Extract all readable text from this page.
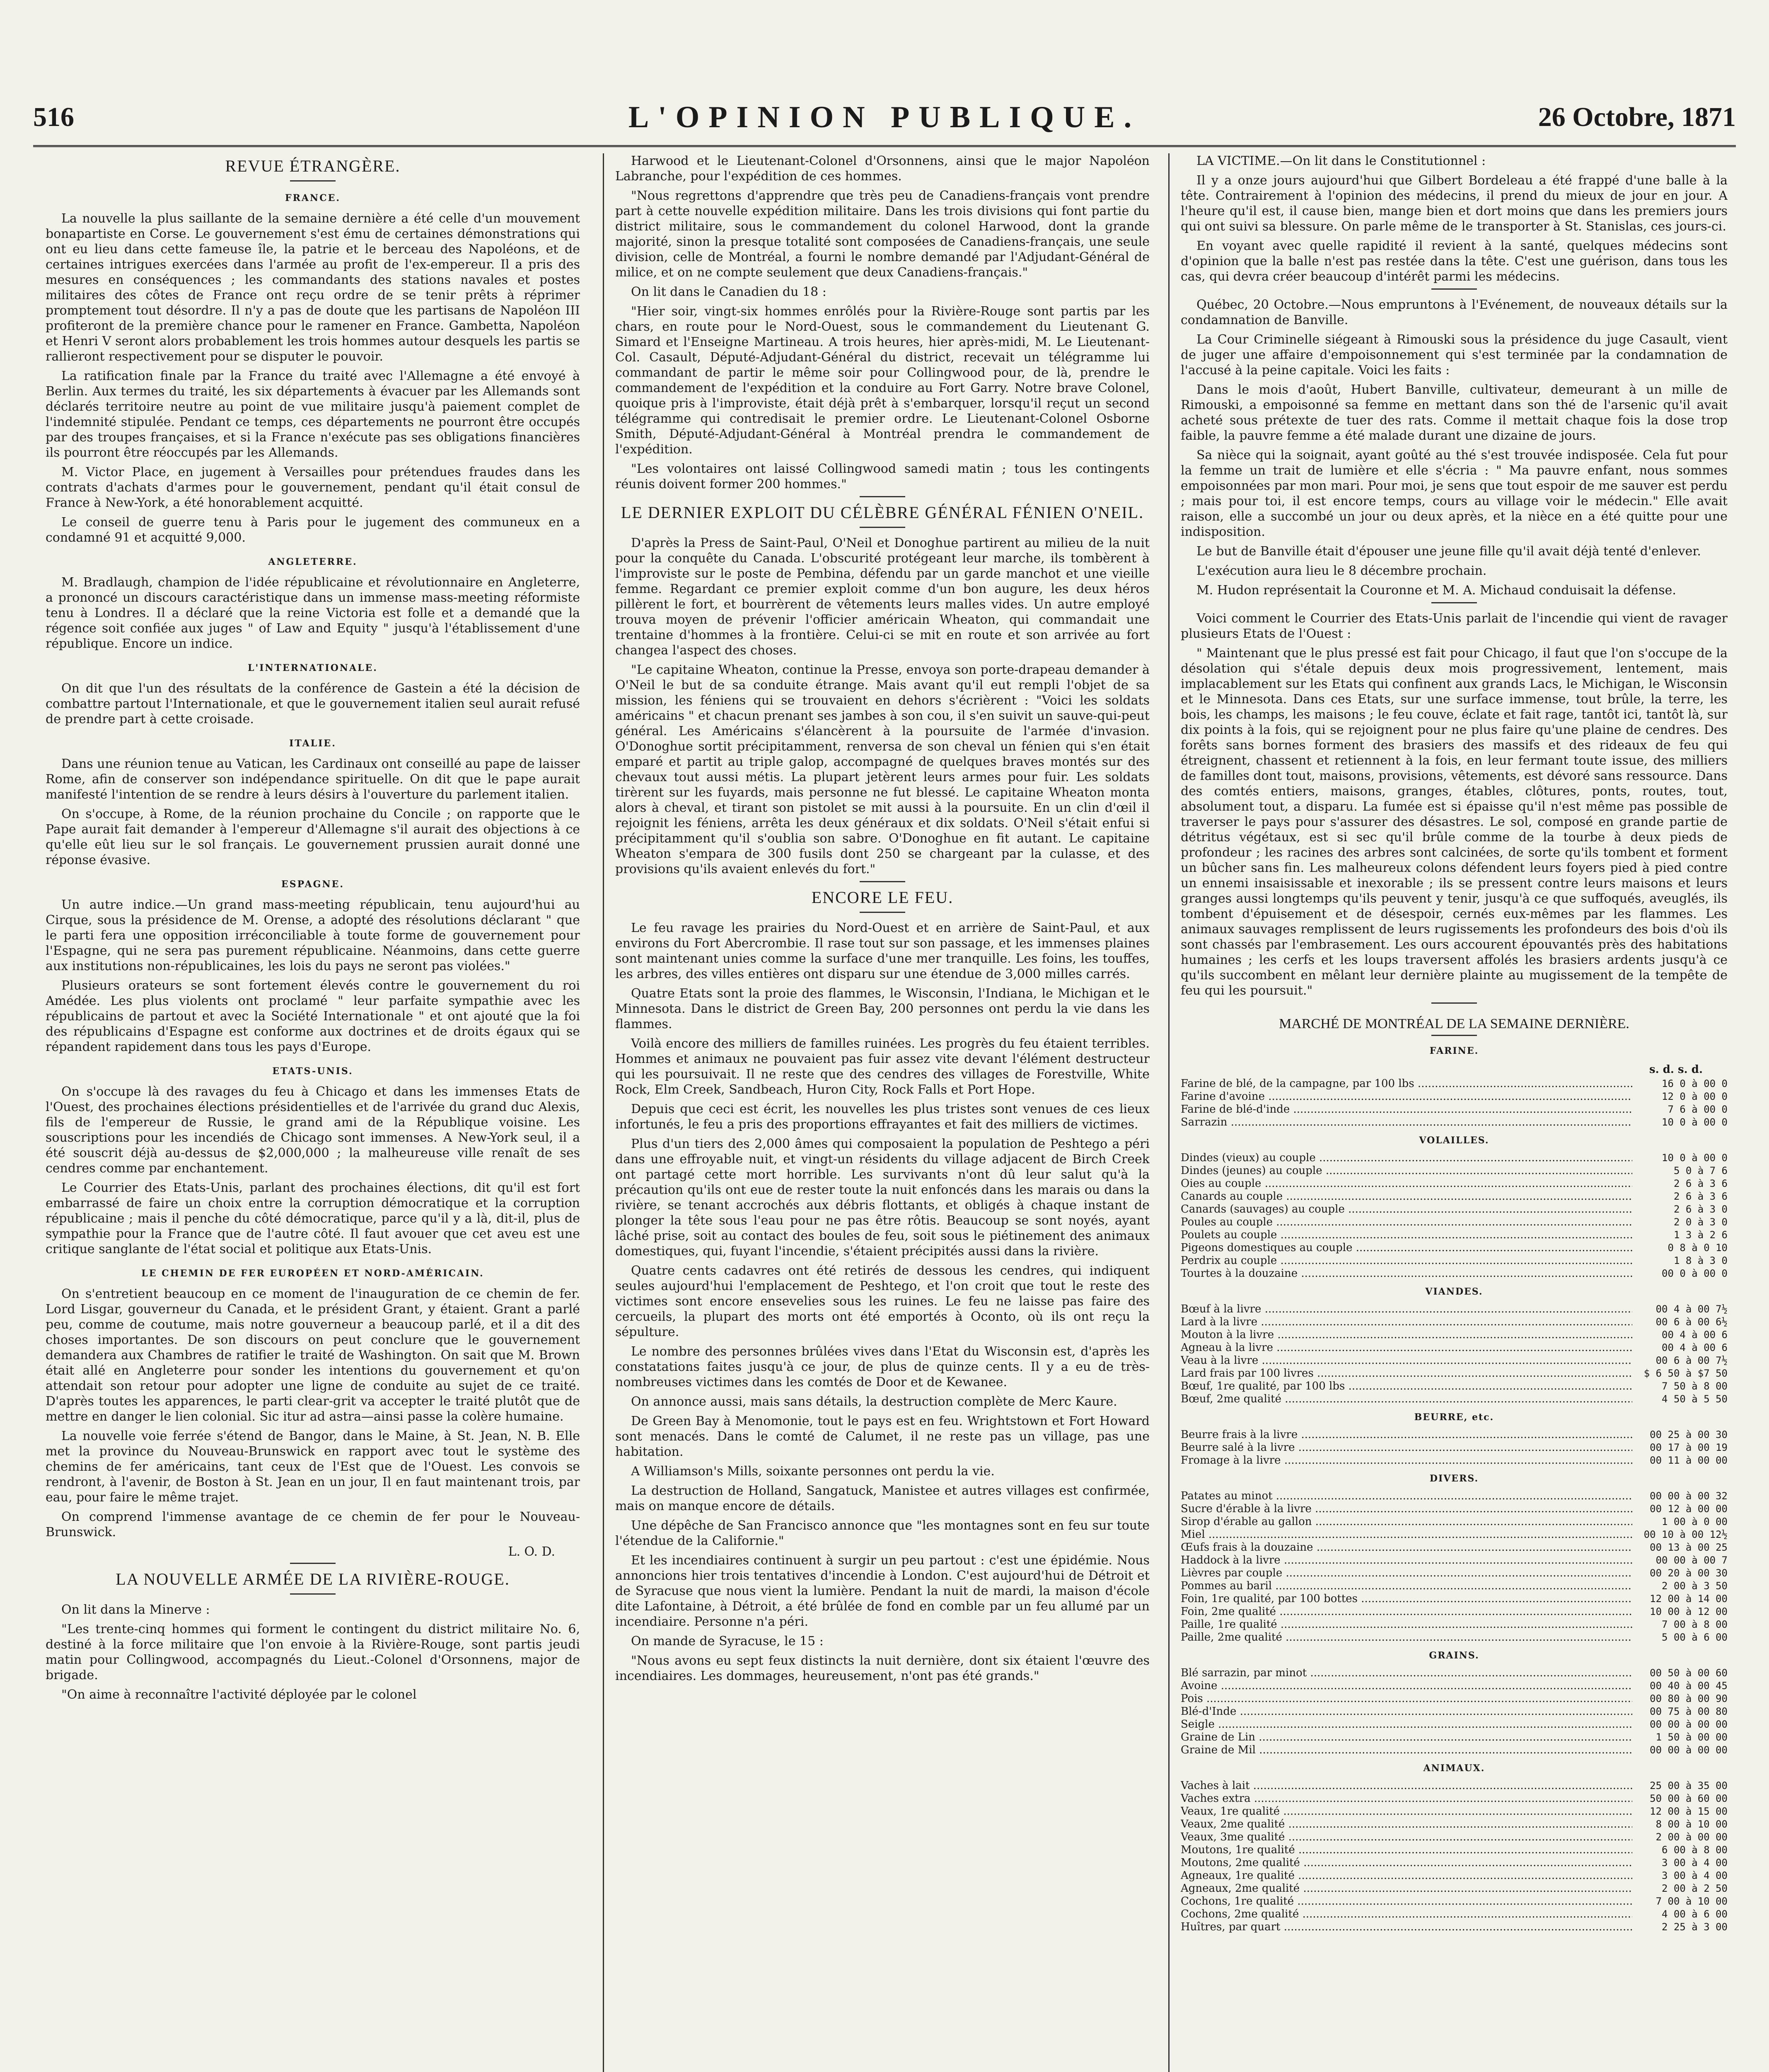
516	L'OPINION PUBLIQUE.	26 Octobre, 1871
REVUE ÉTRANGÈRE.
FRANCE.

La nouvelle la plus saillante de la semaine dernière a été celle d'un mouvement bonapartiste en Corse. Le gouvernement s'est ému de certaines démonstrations qui ont eu lieu dans cette fameuse île, la patrie et le berceau des Napoléons, et de certaines intrigues exercées dans l'armée au profit de l'ex-empereur. Il a pris des mesures en conséquences ; les commandants des stations navales et postes militaires des côtes de France ont reçu ordre de se tenir prêts à réprimer promptement tout désordre. Il n'y a pas de doute que les partisans de Napoléon III profiteront de la première chance pour le ramener en France. Gambetta, Napoléon et Henri V seront alors probablement les trois hommes autour desquels les partis se rallieront respectivement pour se disputer le pouvoir.

La ratification finale par la France du traité avec l'Allemagne a été envoyé à Berlin. Aux termes du traité, les six départements à évacuer par les Allemands sont déclarés territoire neutre au point de vue militaire jusqu'à paiement complet de l'indemnité stipulée. Pendant ce temps, ces départements ne pourront être occupés par des troupes françaises, et si la France n'exécute pas ses obligations financières ils pourront être réoccupés par les Allemands.

M. Victor Place, en jugement à Versailles pour prétendues fraudes dans les contrats d'achats d'armes pour le gouvernement, pendant qu'il était consul de France à New-York, a été honorablement acquitté.

Le conseil de guerre tenu à Paris pour le jugement des communeux en a condamné 91 et acquitté 9,000.

ANGLETERRE.

M. Bradlaugh, champion de l'idée républicaine et révolutionnaire en Angleterre, a prononcé un discours caractéristique dans un immense mass-meeting réformiste tenu à Londres. Il a déclaré que la reine Victoria est folle et a demandé que la régence soit confiée aux juges " of Law and Equity " jusqu'à l'établissement d'une république. Encore un indice.

L'INTERNATIONALE.

On dit que l'un des résultats de la conférence de Gastein a été la décision de combattre partout l'Internationale, et que le gouvernement italien seul aurait refusé de prendre part à cette croisade.

ITALIE.

Dans une réunion tenue au Vatican, les Cardinaux ont conseillé au pape de laisser Rome, afin de conserver son indépendance spirituelle. On dit que le pape aurait manifesté l'intention de se rendre à leurs désirs à l'ouverture du parlement italien.

On s'occupe, à Rome, de la réunion prochaine du Concile ; on rapporte que le Pape aurait fait demander à l'empereur d'Allemagne s'il aurait des objections à ce qu'elle eût lieu sur le sol français. Le gouvernement prussien aurait donné une réponse évasive.

ESPAGNE.

Un autre indice.—Un grand mass-meeting républicain, tenu aujourd'hui au Cirque, sous la présidence de M. Orense, a adopté des résolutions déclarant " que le parti fera une opposition irréconciliable à toute forme de gouvernement pour l'Espagne, qui ne sera pas purement républicaine. Néanmoins, dans cette guerre aux institutions non-républicaines, les lois du pays ne seront pas violées."

Plusieurs orateurs se sont fortement élevés contre le gouvernement du roi Amédée. Les plus violents ont proclamé " leur parfaite sympathie avec les républicains de partout et avec la Société Internationale " et ont ajouté que la foi des républicains d'Espagne est conforme aux doctrines et de droits égaux qui se répandent rapidement dans tous les pays d'Europe.

ETATS-UNIS.

On s'occupe là des ravages du feu à Chicago et dans les immenses Etats de l'Ouest, des prochaines élections présidentielles et de l'arrivée du grand duc Alexis, fils de l'empereur de Russie, le grand ami de la République voisine. Les souscriptions pour les incendiés de Chicago sont immenses. A New-York seul, il a été souscrit déjà au-dessus de $2,000,000 ; la malheureuse ville renaît de ses cendres comme par enchantement.

Le Courrier des Etats-Unis, parlant des prochaines élections, dit qu'il est fort embarrassé de faire un choix entre la corruption démocratique et la corruption républicaine ; mais il penche du côté démocratique, parce qu'il y a là, dit-il, plus de sympathie pour la France que de l'autre côté. Il faut avouer que cet aveu est une critique sanglante de l'état social et politique aux Etats-Unis.

LE CHEMIN DE FER EUROPÉEN ET NORD-AMÉRICAIN.

On s'entretient beaucoup en ce moment de l'inauguration de ce chemin de fer. Lord Lisgar, gouverneur du Canada, et le président Grant, y étaient. Grant a parlé peu, comme de coutume, mais notre gouverneur a beaucoup parlé, et il a dit des choses importantes. De son discours on peut conclure que le gouvernement demandera aux Chambres de ratifier le traité de Washington. On sait que M. Brown était allé en Angleterre pour sonder les intentions du gouvernement et qu'on attendait son retour pour adopter une ligne de conduite au sujet de ce traité. D'après toutes les apparences, le parti clear-grit va accepter le traité plutôt que de mettre en danger le lien colonial. Sic itur ad astra—ainsi passe la colère humaine.

La nouvelle voie ferrée s'étend de Bangor, dans le Maine, à St. Jean, N. B. Elle met la province du Nouveau-Brunswick en rapport avec tout le système des chemins de fer américains, tant ceux de l'Est que de l'Ouest. Les convois se rendront, à l'avenir, de Boston à St. Jean en un jour, Il en faut maintenant trois, par eau, pour faire le même trajet.

On comprend l'immense avantage de ce chemin de fer pour le Nouveau-Brunswick.

L. O. D.
LA NOUVELLE ARMÉE DE LA RIVIÈRE-ROUGE.

On lit dans la Minerve :

"Les trente-cinq hommes qui forment le contingent du district militaire No. 6, destiné à la force militaire que l'on envoie à la Rivière-Rouge, sont partis jeudi matin pour Collingwood, accompagnés du Lieut.-Colonel d'Orsonnens, major de brigade.

"On aime à reconnaître l'activité déployée par le colonel

Harwood et le Lieutenant-Colonel d'Orsonnens, ainsi que le major Napoléon Labranche, pour l'expédition de ces hommes.

"Nous regrettons d'apprendre que très peu de Canadiens-français vont prendre part à cette nouvelle expédition militaire. Dans les trois divisions qui font partie du district militaire, sous le commandement du colonel Harwood, dont la grande majorité, sinon la presque totalité sont composées de Canadiens-français, une seule division, celle de Montréal, a fourni le nombre demandé par l'Adjudant-Général de milice, et on ne compte seulement que deux Canadiens-français."

On lit dans le Canadien du 18 :

"Hier soir, vingt-six hommes enrôlés pour la Rivière-Rouge sont partis par les chars, en route pour le Nord-Ouest, sous le commandement du Lieutenant G. Simard et l'Enseigne Martineau. A trois heures, hier après-midi, M. Le Lieutenant-Col. Casault, Député-Adjudant-Général du district, recevait un télégramme lui commandant de partir le même soir pour Collingwood pour, de là, prendre le commandement de l'expédition et la conduire au Fort Garry. Notre brave Colonel, quoique pris à l'improviste, était déjà prêt à s'embarquer, lorsqu'il reçut un second télégramme qui contredisait le premier ordre. Le Lieutenant-Colonel Osborne Smith, Député-Adjudant-Général à Montréal prendra le commandement de l'expédition.

"Les volontaires ont laissé Collingwood samedi matin ; tous les contingents réunis doivent former 200 hommes."

LE DERNIER EXPLOIT DU CÉLÈBRE GÉNÉRAL FÉNIEN O'NEIL.

D'après la Press de Saint-Paul, O'Neil et Donoghue partirent au milieu de la nuit pour la conquête du Canada. L'obscurité protégeant leur marche, ils tombèrent à l'improviste sur le poste de Pembina, défendu par un garde manchot et une vieille femme. Regardant ce premier exploit comme d'un bon augure, les deux héros pillèrent le fort, et bourrèrent de vêtements leurs malles vides. Un autre employé trouva moyen de prévenir l'officier américain Wheaton, qui commandait une trentaine d'hommes à la frontière. Celui-ci se mit en route et son arrivée au fort changea l'aspect des choses.

"Le capitaine Wheaton, continue la Presse, envoya son porte-drapeau demander à O'Neil le but de sa conduite étrange. Mais avant qu'il eut rempli l'objet de sa mission, les féniens qui se trouvaient en dehors s'écrièrent : "Voici les soldats américains " et chacun prenant ses jambes à son cou, il s'en suivit un sauve-qui-peut général. Les Américains s'élancèrent à la poursuite de l'armée d'invasion. O'Donoghue sortit précipitamment, renversa de son cheval un fénien qui s'en était emparé et partit au triple galop, accompagné de quelques braves montés sur des chevaux tout aussi métis. La plupart jetèrent leurs armes pour fuir. Les soldats tirèrent sur les fuyards, mais personne ne fut blessé. Le capitaine Wheaton monta alors à cheval, et tirant son pistolet se mit aussi à la poursuite. En un clin d'œil il rejoignit les féniens, arrêta les deux généraux et dix soldats. O'Neil s'était enfui si précipitamment qu'il s'oublia son sabre. O'Donoghue en fit autant. Le capitaine Wheaton s'empara de 300 fusils dont 250 se chargeant par la culasse, et des provisions qu'ils avaient enlevés du fort."

ENCORE LE FEU.

Le feu ravage les prairies du Nord-Ouest et en arrière de Saint-Paul, et aux environs du Fort Abercrombie. Il rase tout sur son passage, et les immenses plaines sont maintenant unies comme la surface d'une mer tranquille. Les foins, les touffes, les arbres, des villes entières ont disparu sur une étendue de 3,000 milles carrés.

Quatre Etats sont la proie des flammes, le Wisconsin, l'Indiana, le Michigan et le Minnesota. Dans le district de Green Bay, 200 personnes ont perdu la vie dans les flammes.

Voilà encore des milliers de familles ruinées. Les progrès du feu étaient terribles. Hommes et animaux ne pouvaient pas fuir assez vite devant l'élément destructeur qui les poursuivait. Il ne reste que des cendres des villages de Forestville, White Rock, Elm Creek, Sandbeach, Huron City, Rock Falls et Port Hope.

Depuis que ceci est écrit, les nouvelles les plus tristes sont venues de ces lieux infortunés, le feu a pris des proportions effrayantes et fait des milliers de victimes.

Plus d'un tiers des 2,000 âmes qui composaient la population de Peshtego a péri dans une effroyable nuit, et vingt-un résidents du village adjacent de Birch Creek ont partagé cette mort horrible. Les survivants n'ont dû leur salut qu'à la précaution qu'ils ont eue de rester toute la nuit enfoncés dans les marais ou dans la rivière, se tenant accrochés aux débris flottants, et obligés à chaque instant de plonger la tête sous l'eau pour ne pas être rôtis. Beaucoup se sont noyés, ayant lâché prise, soit au contact des boules de feu, soit sous le piétinement des animaux domestiques, qui, fuyant l'incendie, s'étaient précipités aussi dans la rivière.

Quatre cents cadavres ont été retirés de dessous les cendres, qui indiquent seules aujourd'hui l'emplacement de Peshtego, et l'on croit que tout le reste des victimes sont encore ensevelies sous les ruines. Le feu ne laisse pas faire des cercueils, la plupart des morts ont été emportés à Oconto, où ils ont reçu la sépulture.

Le nombre des personnes brûlées vives dans l'Etat du Wisconsin est, d'après les constatations faites jusqu'à ce jour, de plus de quinze cents. Il y a eu de très-nombreuses victimes dans les comtés de Door et de Kewanee.

On annonce aussi, mais sans détails, la destruction complète de Merc Kaure.

De Green Bay à Menomonie, tout le pays est en feu. Wrightstown et Fort Howard sont menacés. Dans le comté de Calumet, il ne reste pas un village, pas une habitation.

A Williamson's Mills, soixante personnes ont perdu la vie.

La destruction de Holland, Sangatuck, Manistee et autres villages est confirmée, mais on manque encore de détails.

Une dépêche de San Francisco annonce que "les montagnes sont en feu sur toute l'étendue de la Californie."

Et les incendiaires continuent à surgir un peu partout : c'est une épidémie. Nous annoncions hier trois tentatives d'incendie à London. C'est aujourd'hui de Détroit et de Syracuse que nous vient la lumière. Pendant la nuit de mardi, la maison d'école dite Lafontaine, à Détroit, a été brûlée de fond en comble par un feu allumé par un incendiaire. Personne n'a péri.

On mande de Syracuse, le 15 :

"Nous avons eu sept feux distincts la nuit dernière, dont six étaient l'œuvre des incendiaires. Les dommages, heureusement, n'ont pas été grands."

LA VICTIME.—On lit dans le Constitutionnel :

Il y a onze jours aujourd'hui que Gilbert Bordeleau a été frappé d'une balle à la tête. Contrairement à l'opinion des médecins, il prend du mieux de jour en jour. A l'heure qu'il est, il cause bien, mange bien et dort moins que dans les premiers jours qui ont suivi sa blessure. On parle même de le transporter à St. Stanislas, ces jours-ci.

En voyant avec quelle rapidité il revient à la santé, quelques médecins sont d'opinion que la balle n'est pas restée dans la tête. C'est une guérison, dans tous les cas, qui devra créer beaucoup d'intérêt parmi les médecins.

Québec, 20 Octobre.—Nous empruntons à l'Evénement, de nouveaux détails sur la condamnation de Banville.

La Cour Criminelle siégeant à Rimouski sous la présidence du juge Casault, vient de juger une affaire d'empoisonnement qui s'est terminée par la condamnation de l'accusé à la peine capitale. Voici les faits :

Dans le mois d'août, Hubert Banville, cultivateur, demeurant à un mille de Rimouski, a empoisonné sa femme en mettant dans son thé de l'arsenic qu'il avait acheté sous prétexte de tuer des rats. Comme il mettait chaque fois la dose trop faible, la pauvre femme a été malade durant une dizaine de jours.

Sa nièce qui la soignait, ayant goûté au thé s'est trouvée indisposée. Cela fut pour la femme un trait de lumière et elle s'écria : " Ma pauvre enfant, nous sommes empoisonnées par mon mari. Pour moi, je sens que tout espoir de me sauver est perdu ; mais pour toi, il est encore temps, cours au village voir le médecin." Elle avait raison, elle a succombé un jour ou deux après, et la nièce en a été quitte pour une indisposition.

Le but de Banville était d'épouser une jeune fille qu'il avait déjà tenté d'enlever.

L'exécution aura lieu le 8 décembre prochain.

M. Hudon représentait la Couronne et M. A. Michaud conduisait la défense.

Voici comment le Courrier des Etats-Unis parlait de l'incendie qui vient de ravager plusieurs Etats de l'Ouest :

" Maintenant que le plus pressé est fait pour Chicago, il faut que l'on s'occupe de la désolation qui s'étale depuis deux mois progressivement, lentement, mais implacablement sur les Etats qui confinent aux grands Lacs, le Michigan, le Wisconsin et le Minnesota. Dans ces Etats, sur une surface immense, tout brûle, la terre, les bois, les champs, les maisons ; le feu couve, éclate et fait rage, tantôt ici, tantôt là, sur dix points à la fois, qui se rejoignent pour ne plus faire qu'une plaine de cendres. Des forêts sans bornes forment des brasiers des massifs et des rideaux de feu qui étreignent, chassent et retiennent à la fois, en leur fermant toute issue, des milliers de familles dont tout, maisons, provisions, vêtements, est dévoré sans ressource. Dans des comtés entiers, maisons, granges, étables, clôtures, ponts, routes, tout, absolument tout, a disparu. La fumée est si épaisse qu'il n'est même pas possible de traverser le pays pour s'assurer des désastres. Le sol, composé en grande partie de détritus végétaux, est si sec qu'il brûle comme de la tourbe à deux pieds de profondeur ; les racines des arbres sont calcinées, de sorte qu'ils tombent et forment un bûcher sans fin. Les malheureux colons défendent leurs foyers pied à pied contre un ennemi insaisissable et inexorable ; ils se pressent contre leurs maisons et leurs granges aussi longtemps qu'ils peuvent y tenir, jusqu'à ce que suffoqués, aveuglés, ils tombent d'épuisement et de désespoir, cernés eux-mêmes par les flammes. Les animaux sauvages remplissent de leurs rugissements les profondeurs des bois d'où ils sont chassés par l'embrasement. Les ours accourent épouvantés près des habitations humaines ; les cerfs et les loups traversent affolés les brasiers ardents jusqu'à ce qu'ils succombent en mêlant leur dernière plainte au mugissement de la tempête de feu qui les poursuit."

MARCHÉ DE MONTRÉAL DE LA SEMAINE DERNIÈRE.
FARINE.
s. d. s. d.
Farine de blé, de la campagne, par 100 lbs .....	16 0 à 00 0
Farine d'avoine .....	12 0 à 00 0
Farine de blé-d'inde .....	7 6 à 00 0
Sarrazin .....	10 0 à 00 0
VOLAILLES.
Dindes (vieux) au couple .....	10 0 à 00 0
Dindes (jeunes) au couple .....	5 0 à 7 6
Oies au couple .....	2 6 à 3 6
Canards au couple .....	2 6 à 3 6
Canards (sauvages) au couple .....	2 6 à 3 0
Poules au couple .....	2 0 à 3 0
Poulets au couple .....	1 3 à 2 6
Pigeons domestiques au couple .....	0 8 à 0 10
Perdrix au couple .....	1 8 à 3 0
Tourtes à la douzaine .....	00 0 à 00 0
VIANDES.
Bœuf à la livre .....	00 4 à 00 7½
Lard à la livre .....	00 6 à 00 6½
Mouton à la livre .....	00 4 à 00 6
Agneau à la livre .....	00 4 à 00 6
Veau à la livre .....	00 6 à 00 7½
Lard frais par 100 livres .....	$ 6 50 à $7 50
Bœuf, 1re qualité, par 100 lbs .....	7 50 à 8 00
Bœuf, 2me qualité .....	4 50 à 5 50
BEURRE, etc.
Beurre frais à la livre .....	00 25 à 00 30
Beurre salé à la livre .....	00 17 à 00 19
Fromage à la livre .....	00 11 à 00 00
DIVERS.
Patates au minot .....	00 00 à 00 32
Sucre d'érable à la livre .....	00 12 à 00 00
Sirop d'érable au gallon .....	1 00 à 0 00
Miel .....	00 10 à 00 12½
Œufs frais à la douzaine .....	00 13 à 00 25
Haddock à la livre .....	00 00 à 00 7
Lièvres par couple .....	00 20 à 00 30
Pommes au baril .....	2 00 à 3 50
Foin, 1re qualité, par 100 bottes .....	12 00 à 14 00
Foin, 2me qualité .....	10 00 à 12 00
Paille, 1re qualité .....	7 00 à 8 00
Paille, 2me qualité .....	5 00 à 6 00
GRAINS.
Blé sarrazin, par minot .....	00 50 à 00 60
Avoine .....	00 40 à 00 45
Pois .....	00 80 à 00 90
Blé-d'Inde .....	00 75 à 00 80
Seigle .....	00 00 à 00 00
Graine de Lin .....	1 50 à 00 00
Graine de Mil .....	00 00 à 00 00
ANIMAUX.
Vaches à lait .....	25 00 à 35 00
Vaches extra .....	50 00 à 60 00
Veaux, 1re qualité .....	12 00 à 15 00
Veaux, 2me qualité .....	8 00 à 10 00
Veaux, 3me qualité .....	2 00 à 00 00
Moutons, 1re qualité .....	6 00 à 8 00
Moutons, 2me qualité .....	3 00 à 4 00
Agneaux, 1re qualité .....	3 00 à 4 00
Agneaux, 2me qualité .....	2 00 à 2 50
Cochons, 1re qualité .....	7 00 à 10 00
Cochons, 2me qualité .....	4 00 à 6 00
Huîtres, par quart .....	2 25 à 3 00
